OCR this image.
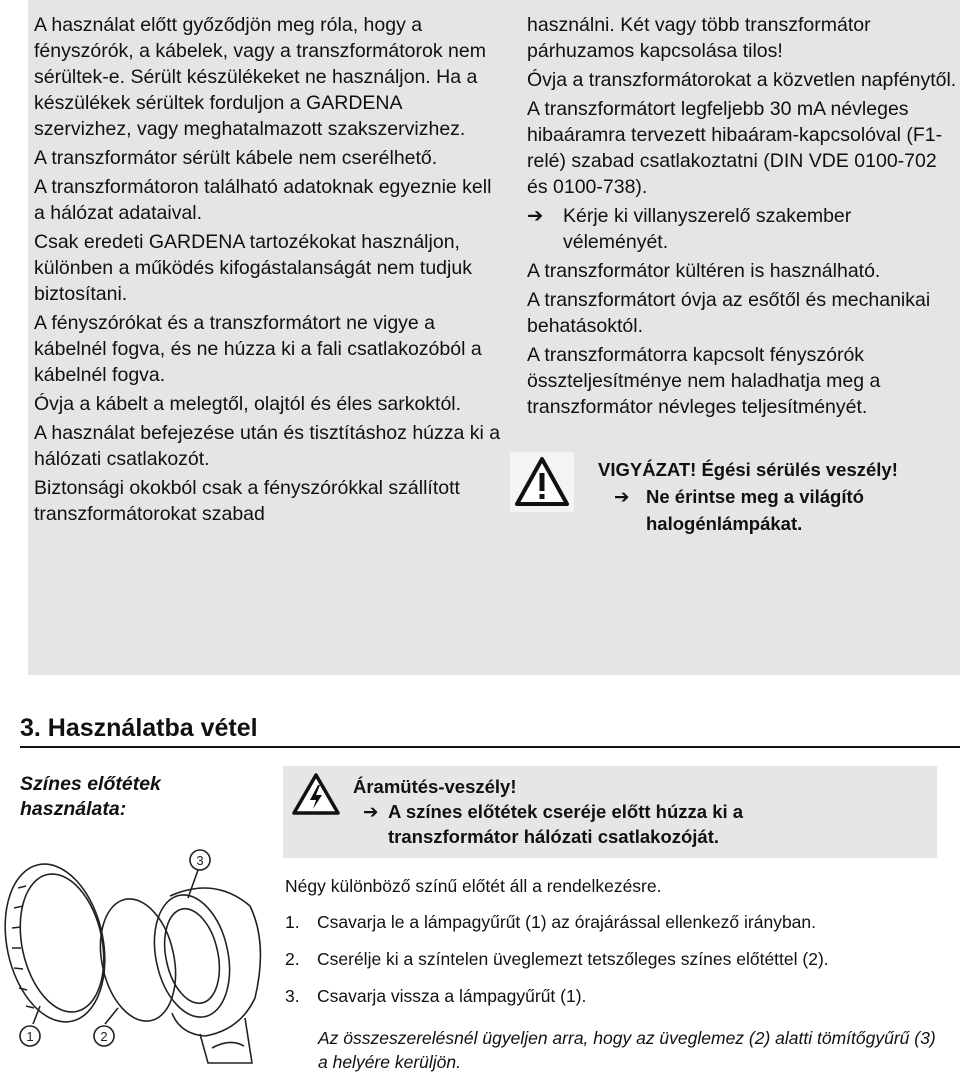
A használat előtt győződjön meg róla, hogy a fényszórók, a kábelek, vagy a transzformátorok nem sérültek-e. Sérült készülékeket ne használjon. Ha a készülékek sérültek forduljon a GARDENA szervizhez, vagy meghatalmazott szakszervizhez.

A transzformátor sérült kábele nem cserélhető.

A transzformátoron található adatoknak egyeznie kell a hálózat adataival.

Csak eredeti GARDENA tartozékokat használjon, különben a működés kifogástalanságát nem tudjuk biztosítani.

A fényszórókat és a transzformátort ne vigye a kábelnél fogva, és ne húzza ki a fali csatlakozóból a kábelnél fogva.

Óvja a kábelt a melegtől, olajtól és éles sarkoktól.

A használat befejezése után és tisztításhoz húzza ki a hálózati csatlakozót.

Biztonsági okokból csak a fényszórókkal szállított transzformátorokat szabad

használni. Két vagy több transzformátor párhuzamos kapcsolása tilos!

Óvja a transzformátorokat a közvetlen napfénytől.

A transzformátort legfeljebb 30 mA névleges hibaáramra tervezett hibaáram-kapcsolóval (F1-relé) szabad csatlakoztatni (DIN VDE 0100-702 és 0100-738).

➔	Kérje ki villanyszerelő szakember véleményét.

A transzformátor kültéren is használható.

A transzformátort óvja az esőtől és mechanikai behatásoktól.

A transzformátorra kapcsolt fényszórók összteljesítménye nem haladhatja meg a transzformátor névleges teljesítményét.

VIGYÁZAT! Égési sérülés veszély!
➔ Ne érintse meg a világító halogénlámpákat.
3. Használatba vétel
Színes előtétek használata:
Áramütés-veszély!
➔ A színes előtétek cseréje előtt húzza ki a transzformátor hálózati csatlakozóját.
Négy különböző színű előtét áll a rendelkezésre.
1. Csavarja le a lámpagyűrűt (1) az órajárással ellenkező irányban.
2. Cserélje ki a színtelen üveglemezt tetszőleges színes előtéttel (2).
3. Csavarja vissza a lámpagyűrűt (1).
Az összeszerelésnél ügyeljen arra, hogy az üveglemez (2) alatti tömítőgyűrű (3) a helyére kerüljön.
1	2
3
